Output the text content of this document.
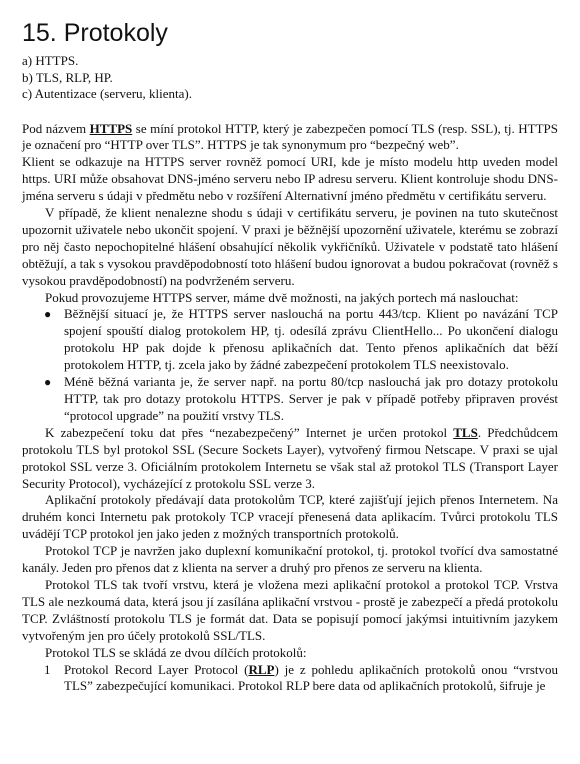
15. Protokoly
a) HTTPS.
b) TLS, RLP, HP.
c) Autentizace (serveru, klienta).

Pod názvem HTTPS se míní protokol HTTP, který je zabezpečen pomocí TLS (resp. SSL), tj. HTTPS je označení pro “HTTP over TLS”. HTTPS je tak synonymum pro “bezpečný web”.

Klient se odkazuje na HTTPS server rovněž pomocí URI, kde je místo modelu http uveden model https. URI může obsahovat DNS-jméno serveru nebo IP adresu serveru. Klient kontroluje shodu DNS-jména serveru s údaji v předmětu nebo v rozšíření Alternativní jméno předmětu v certifikátu serveru.

V případě, že klient nenalezne shodu s údaji v certifikátu serveru, je povinen na tuto skutečnost upozornit uživatele nebo ukončit spojení. V praxi je běžnější upozornění uživatele, kterému se zobrazí pro něj často nepochopitelné hlášení obsahující několik vykřičníků. Uživatele v podstatě tato hlášení obtěžují, a tak s vysokou pravděpodobností toto hlášení budou ignorovat a budou pokračovat (rovněž s vysokou pravděpodobností) na podvrženém serveru.

Pokud provozujeme HTTPS server, máme dvě možnosti, na jakých portech má naslouchat:

● Běžnější situací je, že HTTPS server naslouchá na portu 443/tcp. Klient po navázání TCP spojení spouští dialog protokolem HP, tj. odesílá zprávu ClientHello... Po ukončení dialogu protokolu HP pak dojde k přenosu aplikačních dat. Tento přenos aplikačních dat běží protokolem HTTP, tj. zcela jako by žádné zabezpečení protokolem TLS neexistovalo.
● Méně běžná varianta je, že server např. na portu 80/tcp naslouchá jak pro dotazy protokolu HTTP, tak pro dotazy protokolu HTTPS. Server je pak v případě potřeby připraven provést “protocol upgrade” na použití vrstvy TLS.

K zabezpečení toku dat přes “nezabezpečený” Internet je určen protokol TLS. Předchůdcem protokolu TLS byl protokol SSL (Secure Sockets Layer), vytvořený firmou Netscape. V praxi se ujal protokol SSL verze 3. Oficiálním protokolem Internetu se však stal až protokol TLS (Transport Layer Security Protocol), vycházející z protokolu SSL verze 3.

Aplikační protokoly předávají data protokolům TCP, které zajišťují jejich přenos Internetem. Na druhém konci Internetu pak protokoly TCP vracejí přenesená data aplikacím. Tvůrci protokolu TLS uvádějí TCP protokol jen jako jeden z možných transportních protokolů.

Protokol TCP je navržen jako duplexní komunikační protokol, tj. protokol tvořící dva samostatné kanály. Jeden pro přenos dat z klienta na server a druhý pro přenos ze serveru na klienta.

Protokol TLS tak tvoří vrstvu, která je vložena mezi aplikační protokol a protokol TCP. Vrstva TLS ale nezkoumá data, která jsou jí zasílána aplikační vrstvou - prostě je zabezpečí a předá protokolu TCP. Zvláštností protokolu TLS je formát dat. Data se popisují pomocí jakýmsi intuitivním jazykem vytvořeným jen pro účely protokolů SSL/TLS.

Protokol TLS se skládá ze dvou dílčích protokolů:

1 Protokol Record Layer Protocol (RLP) je z pohledu aplikačních protokolů onou “vrstvou TLS” zabezpečující komunikaci. Protokol RLP bere data od aplikačních protokolů, šifruje je
